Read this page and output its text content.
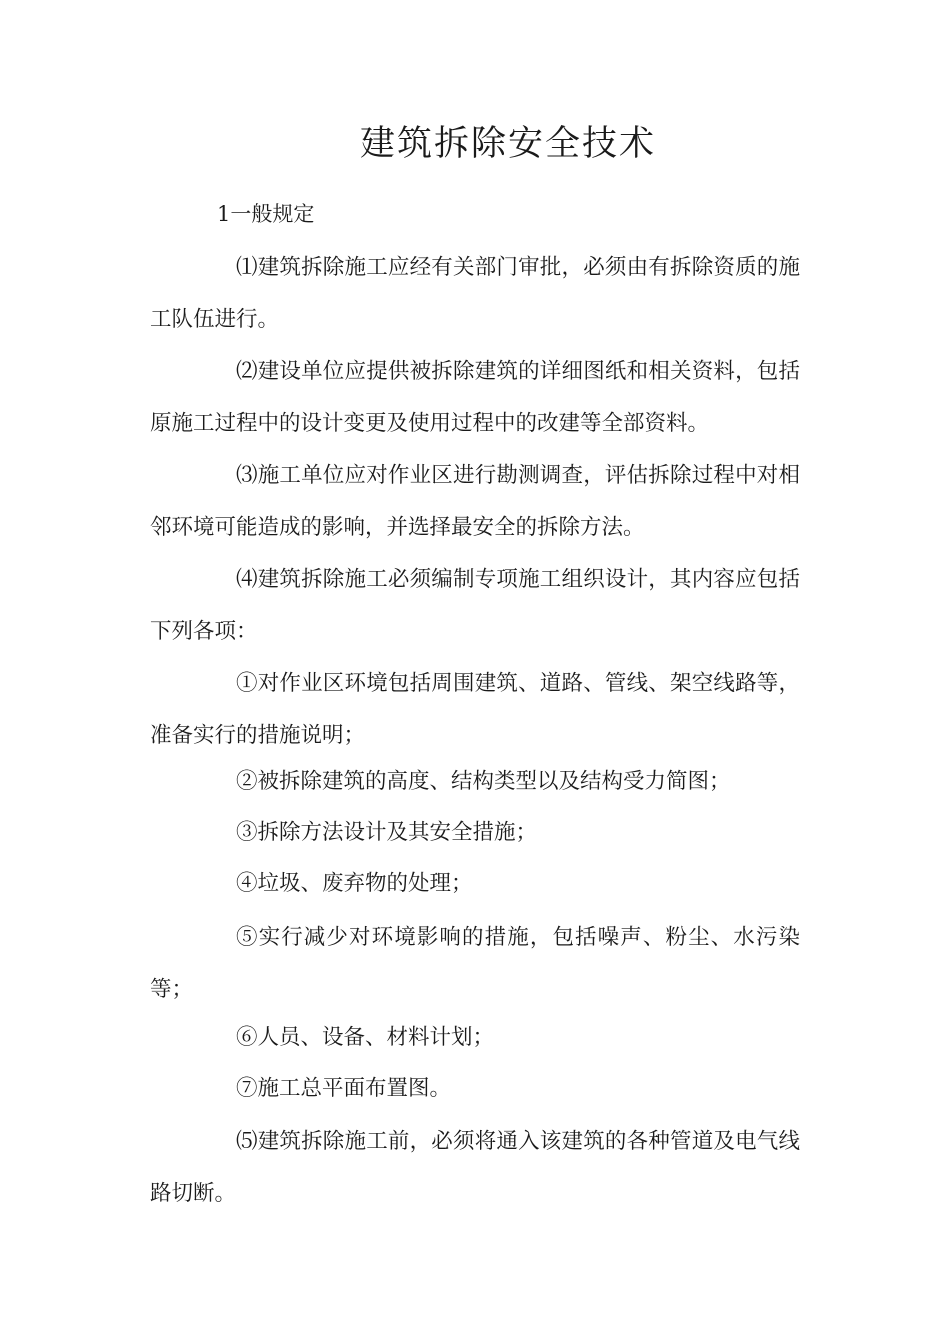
建筑拆除安全技术
1一般规定

⑴建筑拆除施工应经有关部门审批，必须由有拆除资质的施工队伍进行。

⑵建设单位应提供被拆除建筑的详细图纸和相关资料，包括原施工过程中的设计变更及使用过程中的改建等全部资料。

⑶施工单位应对作业区进行勘测调查，评估拆除过程中对相邻环境可能造成的影响，并选择最安全的拆除方法。

⑷建筑拆除施工必须编制专项施工组织设计，其内容应包括下列各项：

①对作业区环境包括周围建筑、道路、管线、架空线路等，准备实行的措施说明；

②被拆除建筑的高度、结构类型以及结构受力简图；

③拆除方法设计及其安全措施；

④垃圾、废弃物的处理；

⑤实行减少对环境影响的措施，包括噪声、粉尘、水污染等；

⑥人员、设备、材料计划；

⑦施工总平面布置图。

⑸建筑拆除施工前，必须将通入该建筑的各种管道及电气线路切断。
